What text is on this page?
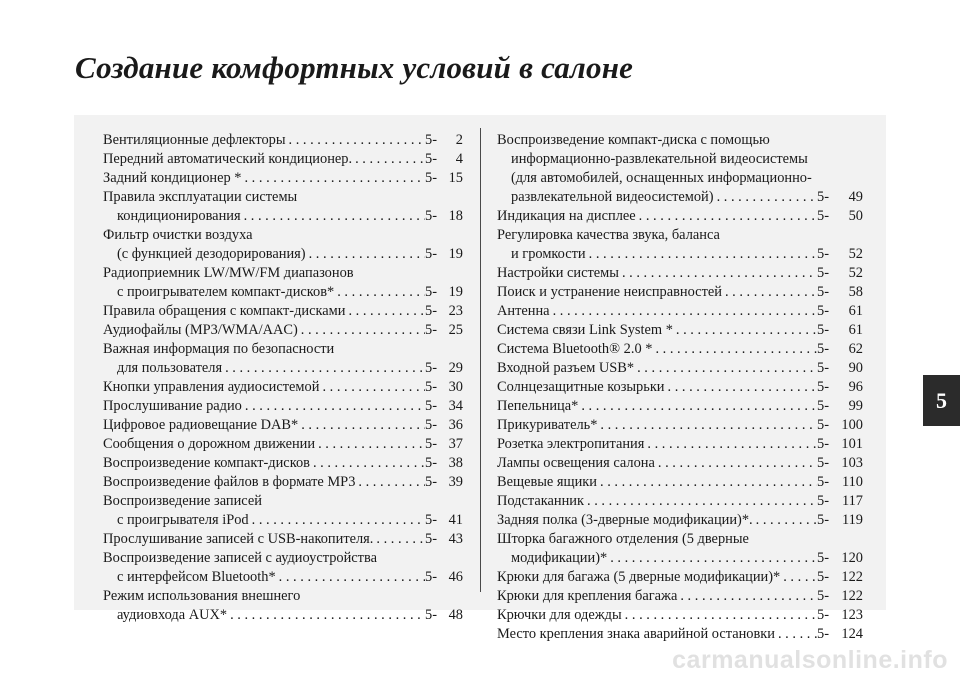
Создание комфортных условий в салоне
Вентиляционные дефлекторы . . .	5-	2
Передний автоматический кондиционер. . . .	5-	4
Задний кондиционер * . . .	5- 15
Правила эксплуатации системы
кондиционирования . . .	5- 18
Фильтр очистки воздуха
(с функцией дезодорирования) . . .	5- 19
Радиоприемник LW/MW/FM диапазонов
с проигрывателем компакт-дисков* . . .	5- 19
Правила обращения с компакт-дисками . . .	5- 23
Аудиофайлы (MP3/WMA/AAC) . . .	5- 25
Важная информация по безопасности
для пользователя . . .	5- 29
Кнопки управления аудиосистемой . . .	5- 30
Прослушивание радио . . .	5- 34
Цифровое радиовещание DAB* . . .	5- 36
Сообщения о дорожном движении . . .	5- 37
Воспроизведение компакт-дисков . . .	5- 38
Воспроизведение файлов в формате MP3 . . .	5- 39
Воспроизведение записей
с проигрывателя iPod . . .	5- 41
Прослушивание записей с USB-накопителя. . . .	5- 43
Воспроизведение записей с аудиоустройства
с интерфейсом Bluetooth* . . .	5- 46
Режим использования внешнего
аудиовхода AUX* . . .	5- 48
Воспроизведение компакт-диска с помощью
информационно-развлекательной видеосистемы
(для автомобилей, оснащенных информационно-
развлекательной видеосистемой) . . .	5-	49
Индикация на дисплее . . .	5-	50
Регулировка качества звука, баланса
и громкости . . .	5-	52
Настройки системы . . .	5-	52
Поиск и устранение неисправностей . . .	5-	58
Антенна . . .	5-	61
Система связи Link System * . . .	5-	61
Система Bluetooth® 2.0 * . . .	5-	62
Входной разъем USB* . . .	5-	90
Солнцезащитные козырьки . . .	5-	96
Пепельница* . . .	5-	99
Прикуриватель* . . .	5- 100
Розетка электропитания . . .	5- 101
Лампы освещения салона . . .	5- 103
Вещевые ящики . . .	5- 110
Подстаканник . . .	5- 117
Задняя полка (3-дверные модификации)*. . . .	5- 119
Шторка багажного отделения (5 дверные
модификации)* . . .	5- 120
Крюки для багажа (5 дверные модификации)* . . .	5- 122
Крюки для крепления багажа . . .	5- 122
Крючки для одежды . . .	5- 123
Место крепления знака аварийной остановки . . .	5- 124
5
carmanualsonline.info
